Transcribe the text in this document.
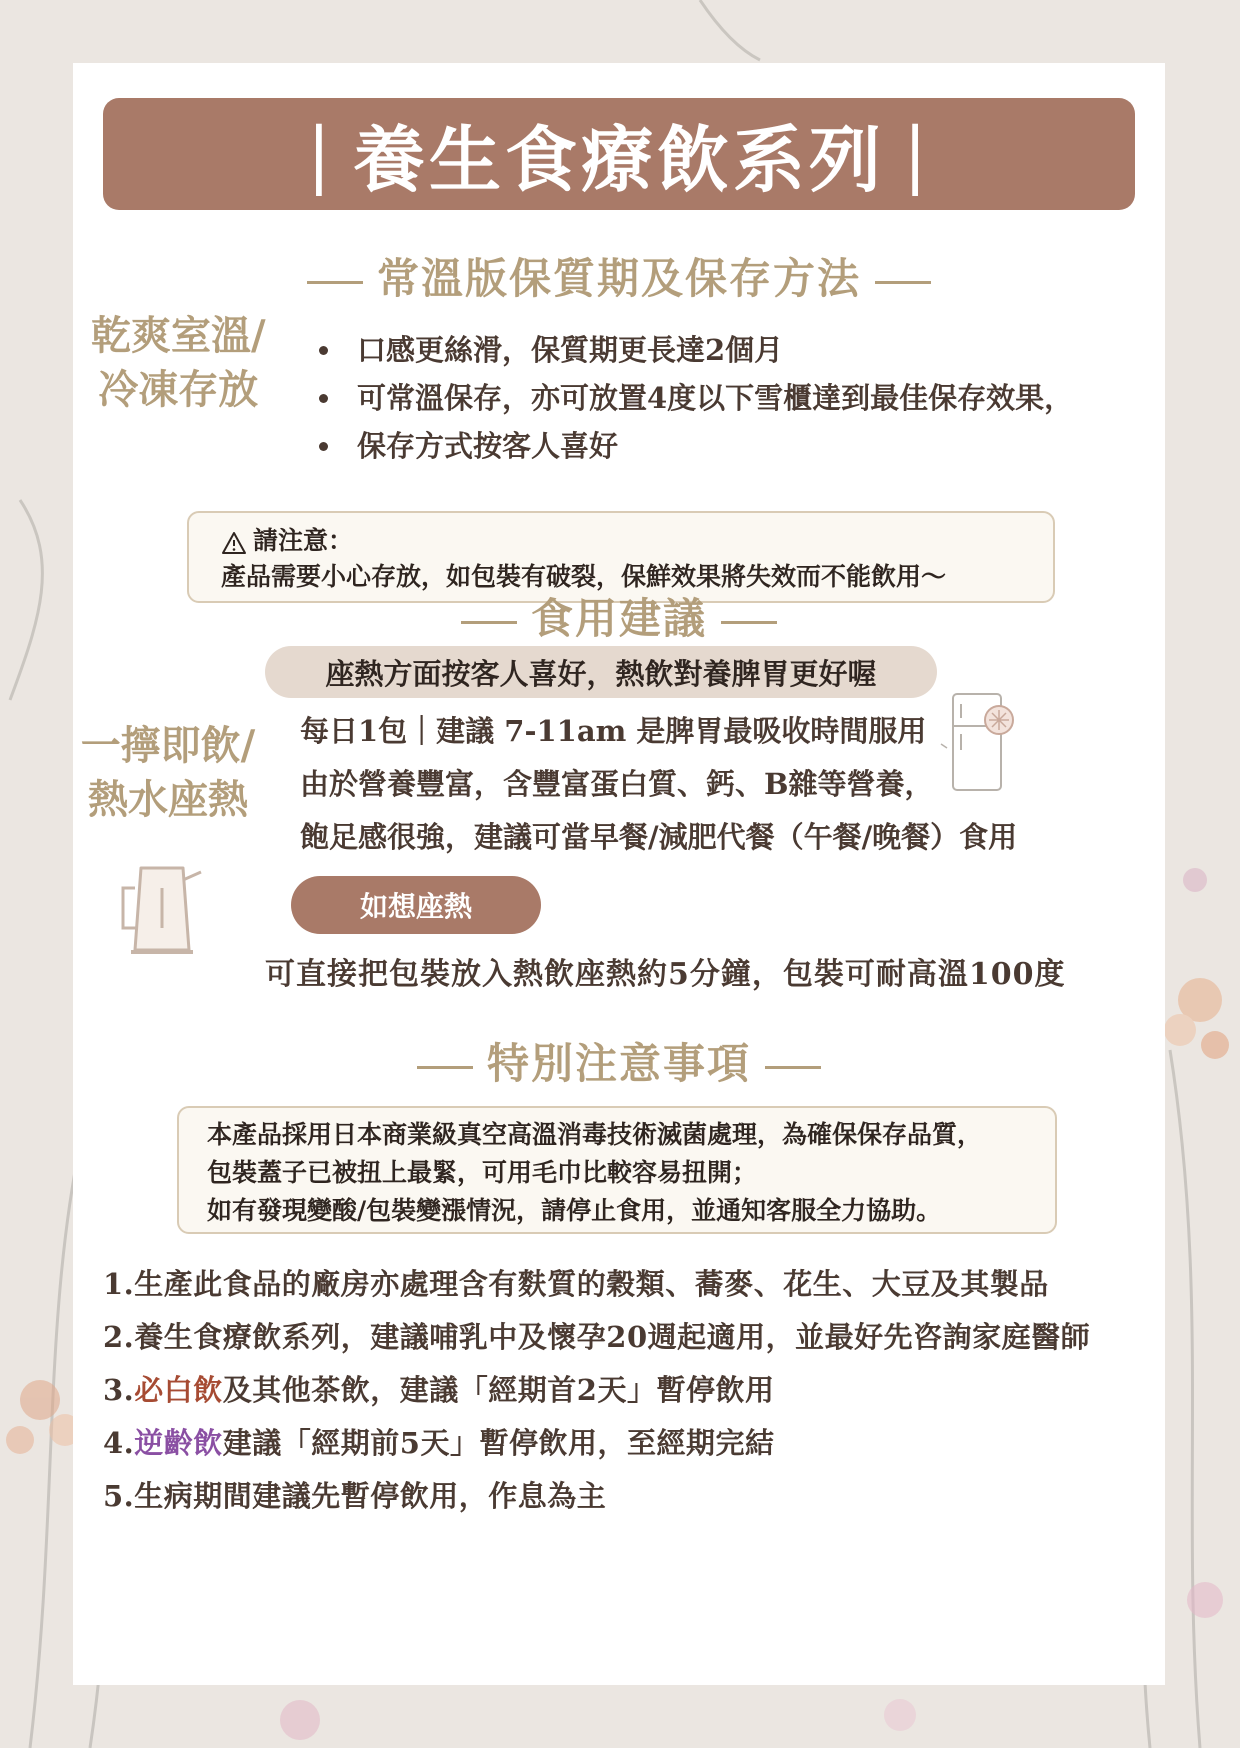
| 養生食療飲系列 |
常溫版保質期及保存方法
乾爽室溫/
冷凍存放
口感更絲滑，保質期更長達2個月
可常溫保存，亦可放置4度以下雪櫃達到最佳保存效果，
保存方式按客人喜好
請注意：
產品需要小心存放，如包裝有破裂，保鮮效果將失效而不能飲用～
食用建議
座熱方面按客人喜好，熱飲對養脾胃更好喔
一擰即飲/
熱水座熱
每日1包｜建議 7-11am 是脾胃最吸收時間服用
由於營養豐富，含豐富蛋白質、鈣、B雜等營養，
飽足感很強，建議可當早餐/減肥代餐（午餐/晚餐）食用
如想座熱
可直接把包裝放入熱飲座熱約5分鐘，包裝可耐高溫100度
特別注意事項
本產品採用日本商業級真空高溫消毒技術滅菌處理，為確保保存品質，
包裝蓋子已被扭上最緊，可用毛巾比較容易扭開；
如有發現變酸/包裝變漲情況，請停止食用，並通知客服全力協助。
1.生產此食品的廠房亦處理含有麩質的穀類、蕎麥、花生、大豆及其製品
2.養生食療飲系列，建議哺乳中及懷孕20週起適用，並最好先咨詢家庭醫師
3.必白飲及其他茶飲，建議「經期首2天」暫停飲用
4.逆齡飲建議「經期前5天」暫停飲用，至經期完結
5.生病期間建議先暫停飲用，作息為主
